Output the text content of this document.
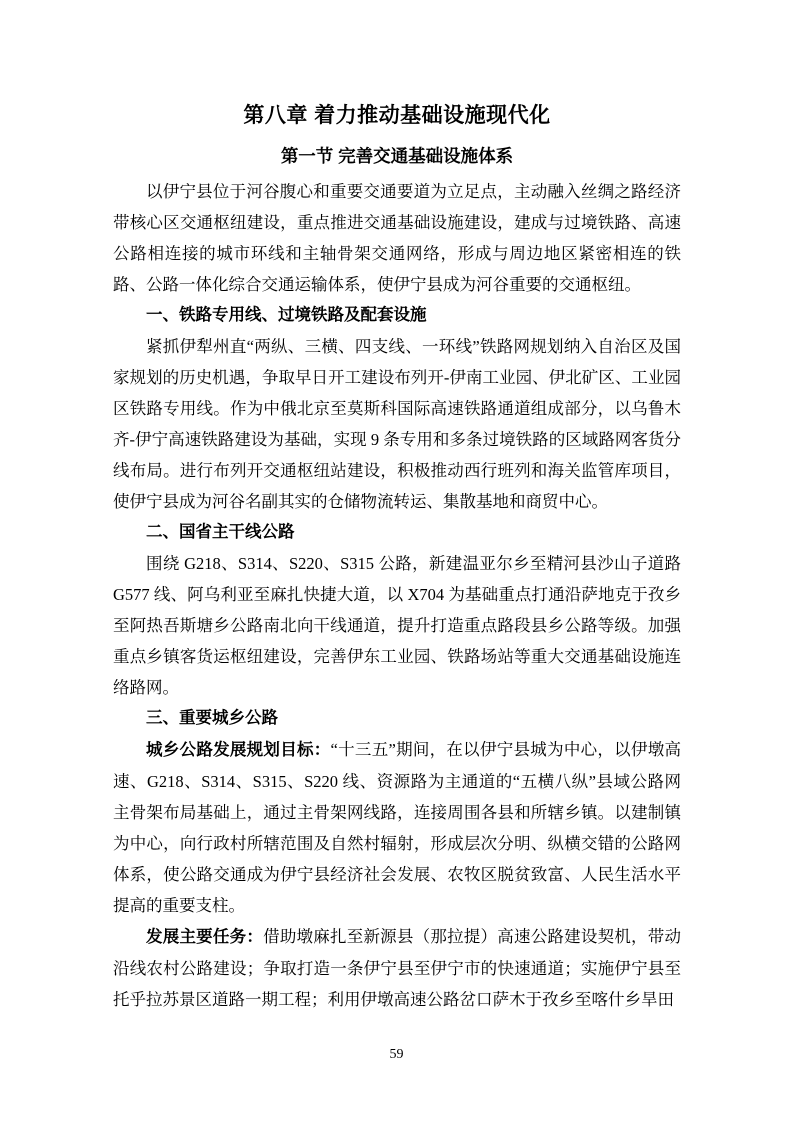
第八章 着力推动基础设施现代化
第一节 完善交通基础设施体系

以伊宁县位于河谷腹心和重要交通要道为立足点，主动融入丝绸之路经济带核心区交通枢纽建设，重点推进交通基础设施建设，建成与过境铁路、高速公路相连接的城市环线和主轴骨架交通网络，形成与周边地区紧密相连的铁路、公路一体化综合交通运输体系，使伊宁县成为河谷重要的交通枢纽。

一、铁路专用线、过境铁路及配套设施

紧抓伊犁州直“两纵、三横、四支线、一环线”铁路网规划纳入自治区及国家规划的历史机遇，争取早日开工建设布列开-伊南工业园、伊北矿区、工业园区铁路专用线。作为中俄北京至莫斯科国际高速铁路通道组成部分，以乌鲁木齐-伊宁高速铁路建设为基础，实现 9 条专用和多条过境铁路的区域路网客货分线布局。进行布列开交通枢纽站建设，积极推动西行班列和海关监管库项目，使伊宁县成为河谷名副其实的仓储物流转运、集散基地和商贸中心。

二、国省主干线公路

围绕 G218、S314、S220、S315 公路，新建温亚尔乡至精河县沙山子道路 G577 线、阿乌利亚至麻扎快捷大道，以 X704 为基础重点打通沿萨地克于孜乡至阿热吾斯塘乡公路南北向干线通道，提升打造重点路段县乡公路等级。加强重点乡镇客货运枢纽建设，完善伊东工业园、铁路场站等重大交通基础设施连络路网。

三、重要城乡公路

城乡公路发展规划目标：“十三五”期间，在以伊宁县城为中心，以伊墩高速、G218、S314、S315、S220 线、资源路为主通道的“五横八纵”县域公路网主骨架布局基础上，通过主骨架网线路，连接周围各县和所辖乡镇。以建制镇为中心，向行政村所辖范围及自然村辐射，形成层次分明、纵横交错的公路网体系，使公路交通成为伊宁县经济社会发展、农牧区脱贫致富、人民生活水平提高的重要支柱。

发展主要任务：借助墩麻扎至新源县（那拉提）高速公路建设契机，带动沿线农村公路建设；争取打造一条伊宁县至伊宁市的快速通道；实施伊宁县至托乎拉苏景区道路一期工程；利用伊墩高速公路岔口萨木于孜乡至喀什乡旱田

59
